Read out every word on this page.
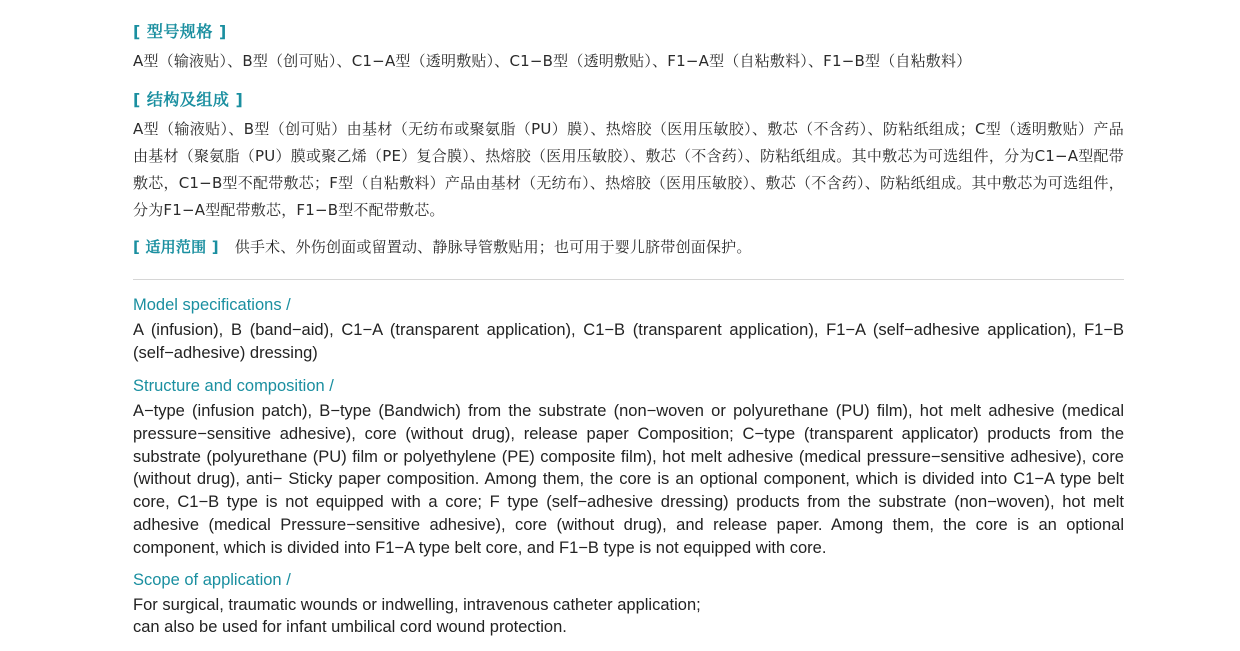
[ 型号规格 ]
A型（输液贴）、B型（创可贴）、C1−A型（透明敷贴）、C1−B型（透明敷贴）、F1−A型（自粘敷料）、F1−B型（自粘敷料）
[ 结构及组成 ]
A型（输液贴）、B型（创可贴）由基材（无纺布或聚氨脂（PU）膜）、热熔胶（医用压敏胶）、敷芯（不含药）、防粘纸组成；C型（透明敷贴）产品由基材（聚氨脂（PU）膜或聚乙烯（PE）复合膜）、热熔胶（医用压敏胶）、敷芯（不含药）、防粘纸组成。其中敷芯为可选组件，分为C1−A型配带敷芯，C1−B型不配带敷芯；F型（自粘敷料）产品由基材（无纺布）、热熔胶（医用压敏胶）、敷芯（不含药）、防粘纸组成。其中敷芯为可选组件，分为F1−A型配带敷芯，F1−B型不配带敷芯。
[ 适用范围 ] 供手术、外伤创面或留置动、静脉导管敷贴用；也可用于婴儿脐带创面保护。
Model specifications /
A (infusion), B (band−aid), C1−A (transparent application), C1−B (transparent application), F1−A (self−adhesive application), F1−B (self−adhesive) dressing)
Structure and composition /
A−type (infusion patch), B−type (Bandwich) from the substrate (non−woven or polyurethane (PU) film), hot melt adhesive (medical pressure−sensitive adhesive), core (without drug), release paper Composition; C−type (transparent applicator) products from the substrate (polyurethane (PU) film or polyethylene (PE) composite film), hot melt adhesive (medical pressure−sensitive adhesive), core (without drug), anti− Sticky paper composition. Among them, the core is an optional component, which is divided into C1−A type belt core, C1−B type is not equipped with a core; F type (self−adhesive dressing) products from the substrate (non−woven), hot melt adhesive (medical Pressure−sensitive adhesive), core (without drug), and release paper. Among them, the core is an optional component, which is divided into F1−A type belt core, and F1−B type is not equipped with core.
Scope of application /
For surgical, traumatic wounds or indwelling, intravenous catheter application;
can also be used for infant umbilical cord wound protection.
